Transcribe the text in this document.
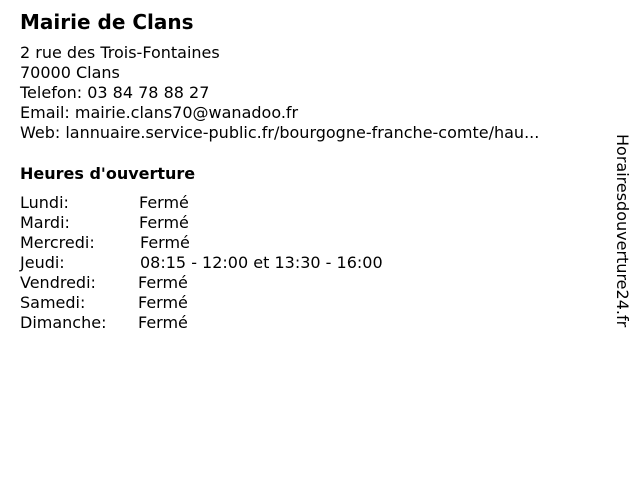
Mairie de Clans
2 rue des Trois-Fontaines
70000 Clans
Telefon: 03 84 78 88 27
Email: mairie.clans70@wanadoo.fr
Web: lannuaire.service-public.fr/bourgogne-franche-comte/hau...
Heures d'ouverture
Lundi:	Fermé
Mardi:	Fermé
Mercredi:	Fermé
Jeudi:	08:15 - 12:00 et 13:30 - 16:00
Vendredi:	Fermé
Samedi:	Fermé
Dimanche: Fermé	Horairesdouverture24.fr
